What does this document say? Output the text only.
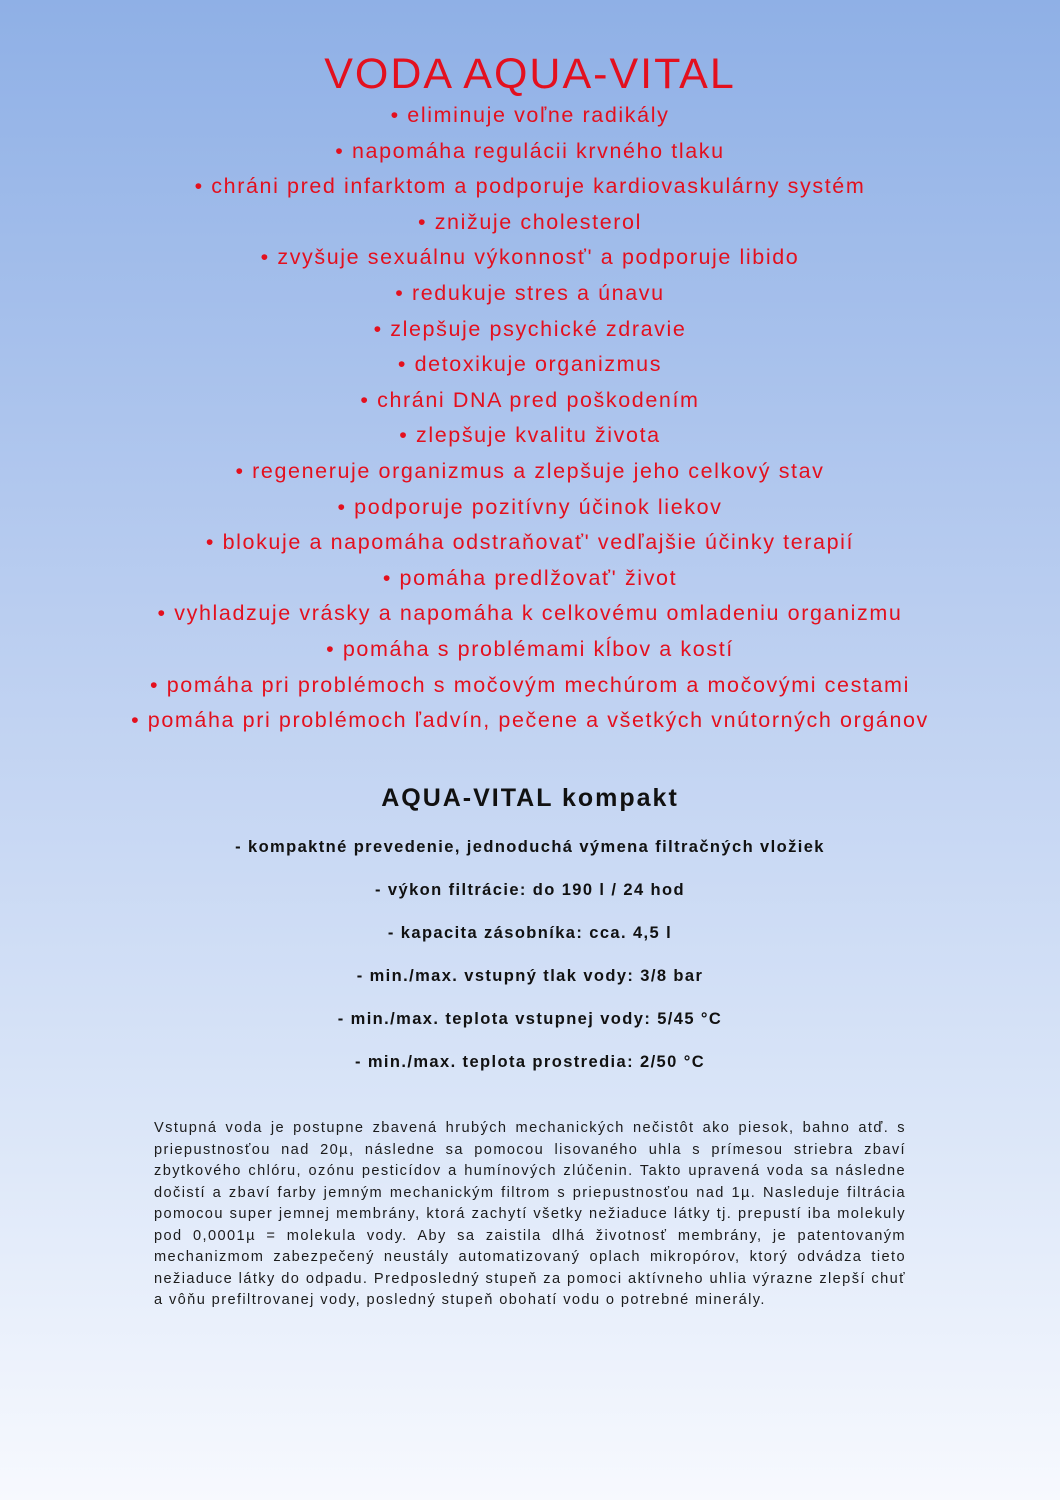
VODA AQUA-VITAL
• eliminuje voľne radikály
• napomáha regulácii krvného tlaku
• chráni pred infarktom a podporuje kardiovaskulárny systém
• znižuje cholesterol
• zvyšuje sexuálnu výkonnosť' a podporuje libido
• redukuje stres a únavu
• zlepšuje psychické zdravie
• detoxikuje organizmus
• chráni DNA pred poškodením
• zlepšuje kvalitu života
• regeneruje organizmus a zlepšuje jeho celkový stav
• podporuje pozitívny účinok liekov
• blokuje a napomáha odstraňovať' vedľajšie účinky terapií
• pomáha predlžovať' život
• vyhladzuje vrásky a napomáha k celkovému omladeniu organizmu
• pomáha s problémami kĺbov a kostí
• pomáha pri problémoch s močovým mechúrom a močovými cestami
• pomáha pri problémoch ľadvín, pečene a všetkých vnútorných orgánov
AQUA-VITAL kompakt
- kompaktné prevedenie, jednoduchá výmena filtračných vložiek
- výkon filtrácie: do 190 l / 24 hod
- kapacita zásobníka: cca. 4,5 l
- min./max. vstupný tlak vody: 3/8 bar
- min./max. teplota vstupnej vody: 5/45 °C
- min./max. teplota prostredia: 2/50 °C

Vstupná voda je postupne zbavená hrubých mechanických nečistôt ako piesok, bahno atď. s priepustnosťou nad 20µ, následne sa pomocou lisovaného uhla s prímesou striebra zbaví zbytkového chlóru, ozónu pesticídov a humínových zlúčenin. Takto upravená voda sa následne dočistí a zbaví farby jemným mechanickým filtrom s priepustnosťou nad 1µ. Nasleduje filtrácia pomocou super jemnej membrány, ktorá zachytí všetky nežiaduce látky tj. prepustí iba molekuly pod 0,0001µ = molekula vody. Aby sa zaistila dlhá životnosť membrány, je patentovaným mechanizmom zabezpečený neustály automatizovaný oplach mikropórov, ktorý odvádza tieto nežiaduce látky do odpadu. Predposledný stupeň za pomoci aktívneho uhlia výrazne zlepší chuť a vôňu prefiltrovanej vody, posledný stupeň obohatí vodu o potrebné minerály.
